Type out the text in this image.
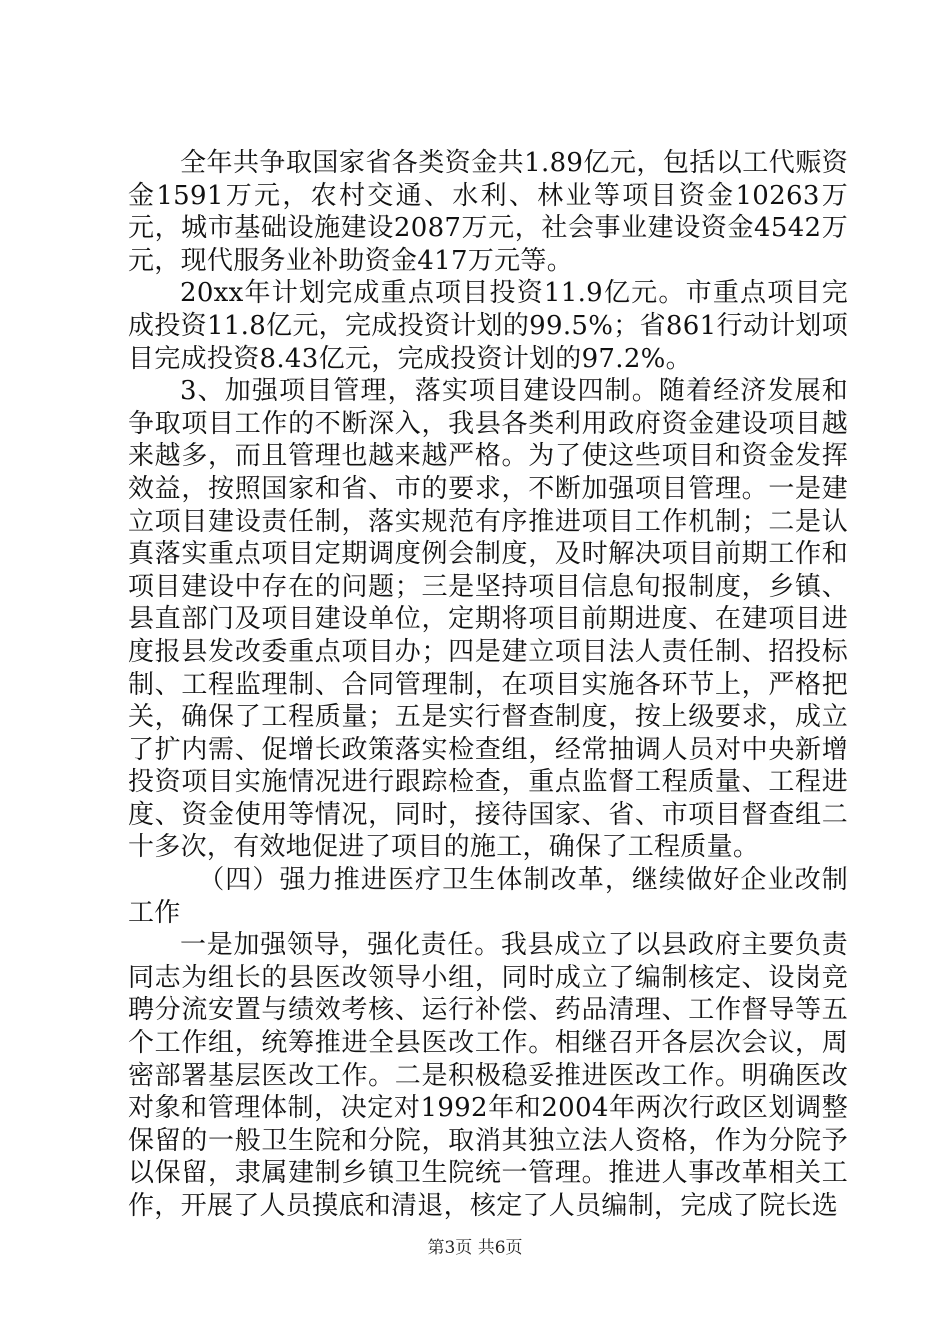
全年共争取国家省各类资金共1.89亿元，包括以工代赈资金1591万元，农村交通、水利、林业等项目资金10263万元，城市基础设施建设2087万元，社会事业建设资金4542万元，现代服务业补助资金417万元等。

20xx年计划完成重点项目投资11.9亿元。市重点项目完成投资11.8亿元，完成投资计划的99.5%；省861行动计划项目完成投资8.43亿元，完成投资计划的97.2%。

3、加强项目管理，落实项目建设四制。随着经济发展和争取项目工作的不断深入，我县各类利用政府资金建设项目越来越多，而且管理也越来越严格。为了使这些项目和资金发挥效益，按照国家和省、市的要求，不断加强项目管理。一是建立项目建设责任制，落实规范有序推进项目工作机制；二是认真落实重点项目定期调度例会制度，及时解决项目前期工作和项目建设中存在的问题；三是坚持项目信息旬报制度，乡镇、县直部门及项目建设单位，定期将项目前期进度、在建项目进度报县发改委重点项目办；四是建立项目法人责任制、招投标制、工程监理制、合同管理制，在项目实施各环节上，严格把关，确保了工程质量；五是实行督查制度，按上级要求，成立了扩内需、促增长政策落实检查组，经常抽调人员对中央新增投资项目实施情况进行跟踪检查，重点监督工程质量、工程进度、资金使用等情况，同时，接待国家、省、市项目督查组二十多次，有效地促进了项目的施工，确保了工程质量。

（四）强力推进医疗卫生体制改革，继续做好企业改制工作

一是加强领导，强化责任。我县成立了以县政府主要负责同志为组长的县医改领导小组，同时成立了编制核定、设岗竞聘分流安置与绩效考核、运行补偿、药品清理、工作督导等五个工作组，统筹推进全县医改工作。相继召开各层次会议，周密部署基层医改工作。二是积极稳妥推进医改工作。明确医改对象和管理体制，决定对1992年和2004年两次行政区划调整保留的一般卫生院和分院，取消其独立法人资格，作为分院予以保留，隶属建制乡镇卫生院统一管理。推进人事改革相关工作，开展了人员摸底和清退，核定了人员编制，完成了院长选

第3页 共6页
